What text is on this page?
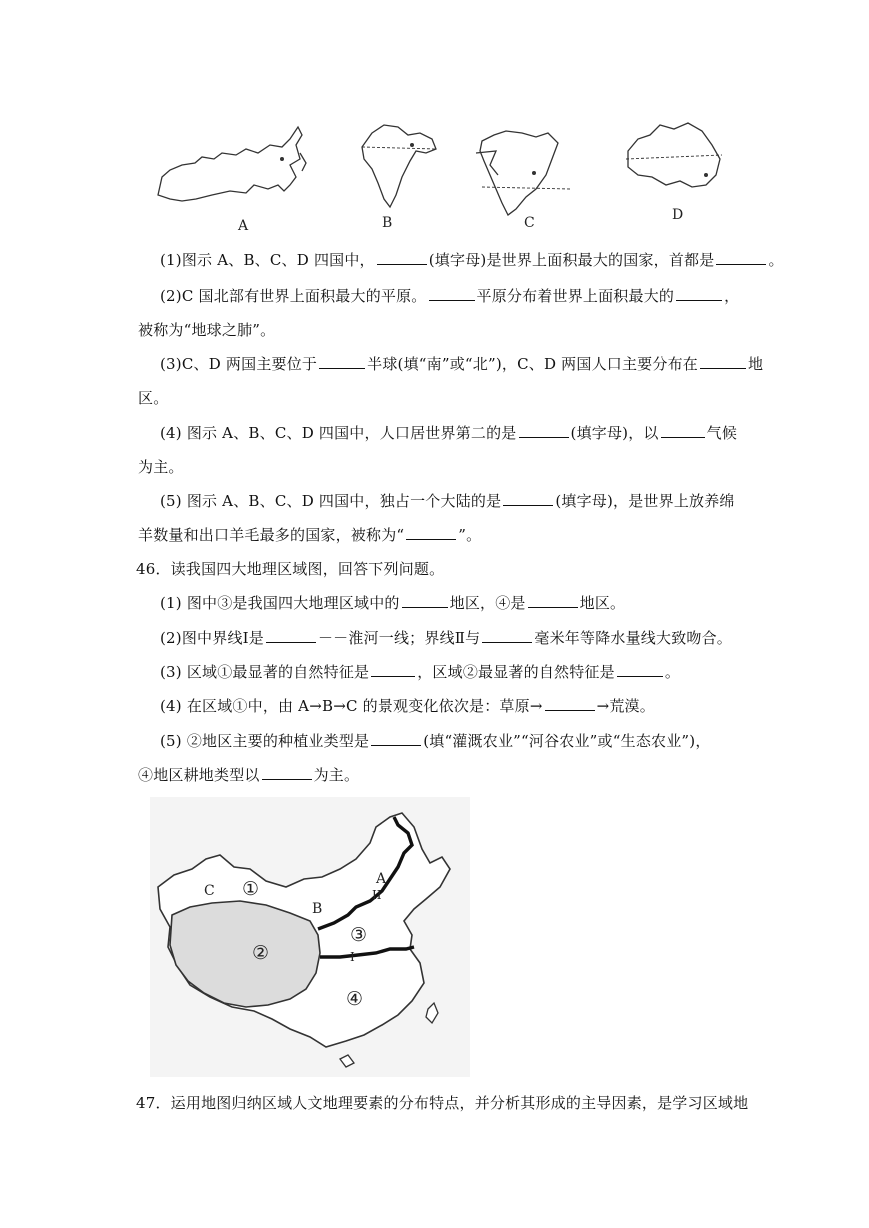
A	B	C	D
(1)图示 A、B、C、D 四国中，	(填字母)是世界上面积最大的国家，首都是	。
(2)C 国北部有世界上面积最大的平原。	平原分布着世界上面积最大的	，
被称为“地球之肺”。
(3)C、D 两国主要位于	半球(填“南”或“北”)，C、D 两国人口主要分布在	地
区。
(4) 图示 A、B、C、D 四国中，人口居世界第二的是	(填字母)，以	气候
为主。
(5) 图示 A、B、C、D 四国中，独占一个大陆的是	(填字母)，是世界上放养绵
羊数量和出口羊毛最多的国家，被称为“	”。
46．读我国四大地理区域图，回答下列问题。
(1) 图中③是我国四大地理区域中的	地区，④是	地区。
(2)图中界线Ⅰ是	－－淮河一线；界线Ⅱ与	毫米年等降水量线大致吻合。
(3) 区域①最显著的自然特征是	，区域②最显著的自然特征是	。
(4) 在区域①中，由 A→B→C 的景观变化依次是：草原→	→荒漠。
(5) ②地区主要的种植业类型是	(填“灌溉农业”“河谷农业”或“生态农业”)，
④地区耕地类型以	为主。
C ①
B
A
II
I
②
③
④
47．运用地图归纳区域人文地理要素的分布特点，并分析其形成的主导因素，是学习区域地
